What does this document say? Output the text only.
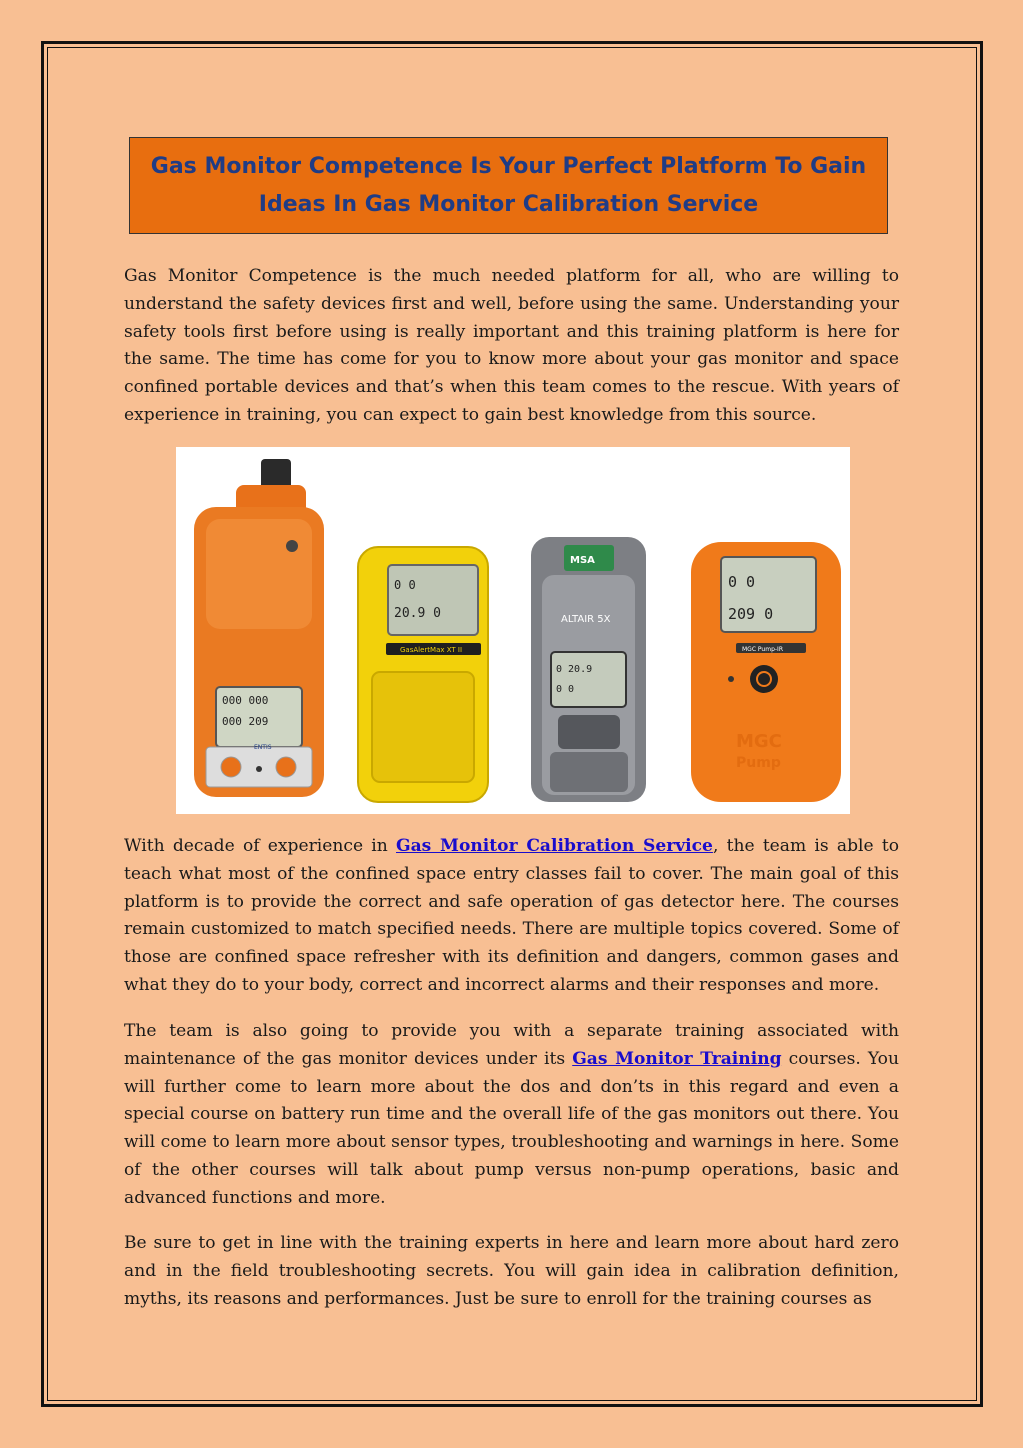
Gas Monitor Competence Is Your Perfect Platform To Gain Ideas In Gas Monitor Calibration Service

Gas Monitor Competence is the much needed platform for all, who are willing to understand the safety devices first and well, before using the same. Understanding your safety tools first before using is really important and this training platform is here for the same. The time has come for you to know more about your gas monitor and space confined portable devices and that’s when this team comes to the rescue. With years of experience in training, you can expect to gain best knowledge from this source.

000 000
000 209
ENTIS
0 0
20.9 0
GasAlertMax XT II
MSA
ALTAIR 5X
0 20.9
0 0
0 0
209 0
MGC Pump-IR
MGC
Pump

With decade of experience in Gas Monitor Calibration Service, the team is able to teach what most of the confined space entry classes fail to cover. The main goal of this platform is to provide the correct and safe operation of gas detector here. The courses remain customized to match specified needs. There are multiple topics covered. Some of those are confined space refresher with its definition and dangers, common gases and what they do to your body, correct and incorrect alarms and their responses and more.

The team is also going to provide you with a separate training associated with maintenance of the gas monitor devices under its Gas Monitor Training courses. You will further come to learn more about the dos and don’ts in this regard and even a special course on battery run time and the overall life of the gas monitors out there. You will come to learn more about sensor types, troubleshooting and warnings in here. Some of the other courses will talk about pump versus non-pump operations, basic and advanced functions and more.

Be sure to get in line with the training experts in here and learn more about hard zero and in the field troubleshooting secrets. You will gain idea in calibration definition, myths, its reasons and performances. Just be sure to enroll for the training courses as
